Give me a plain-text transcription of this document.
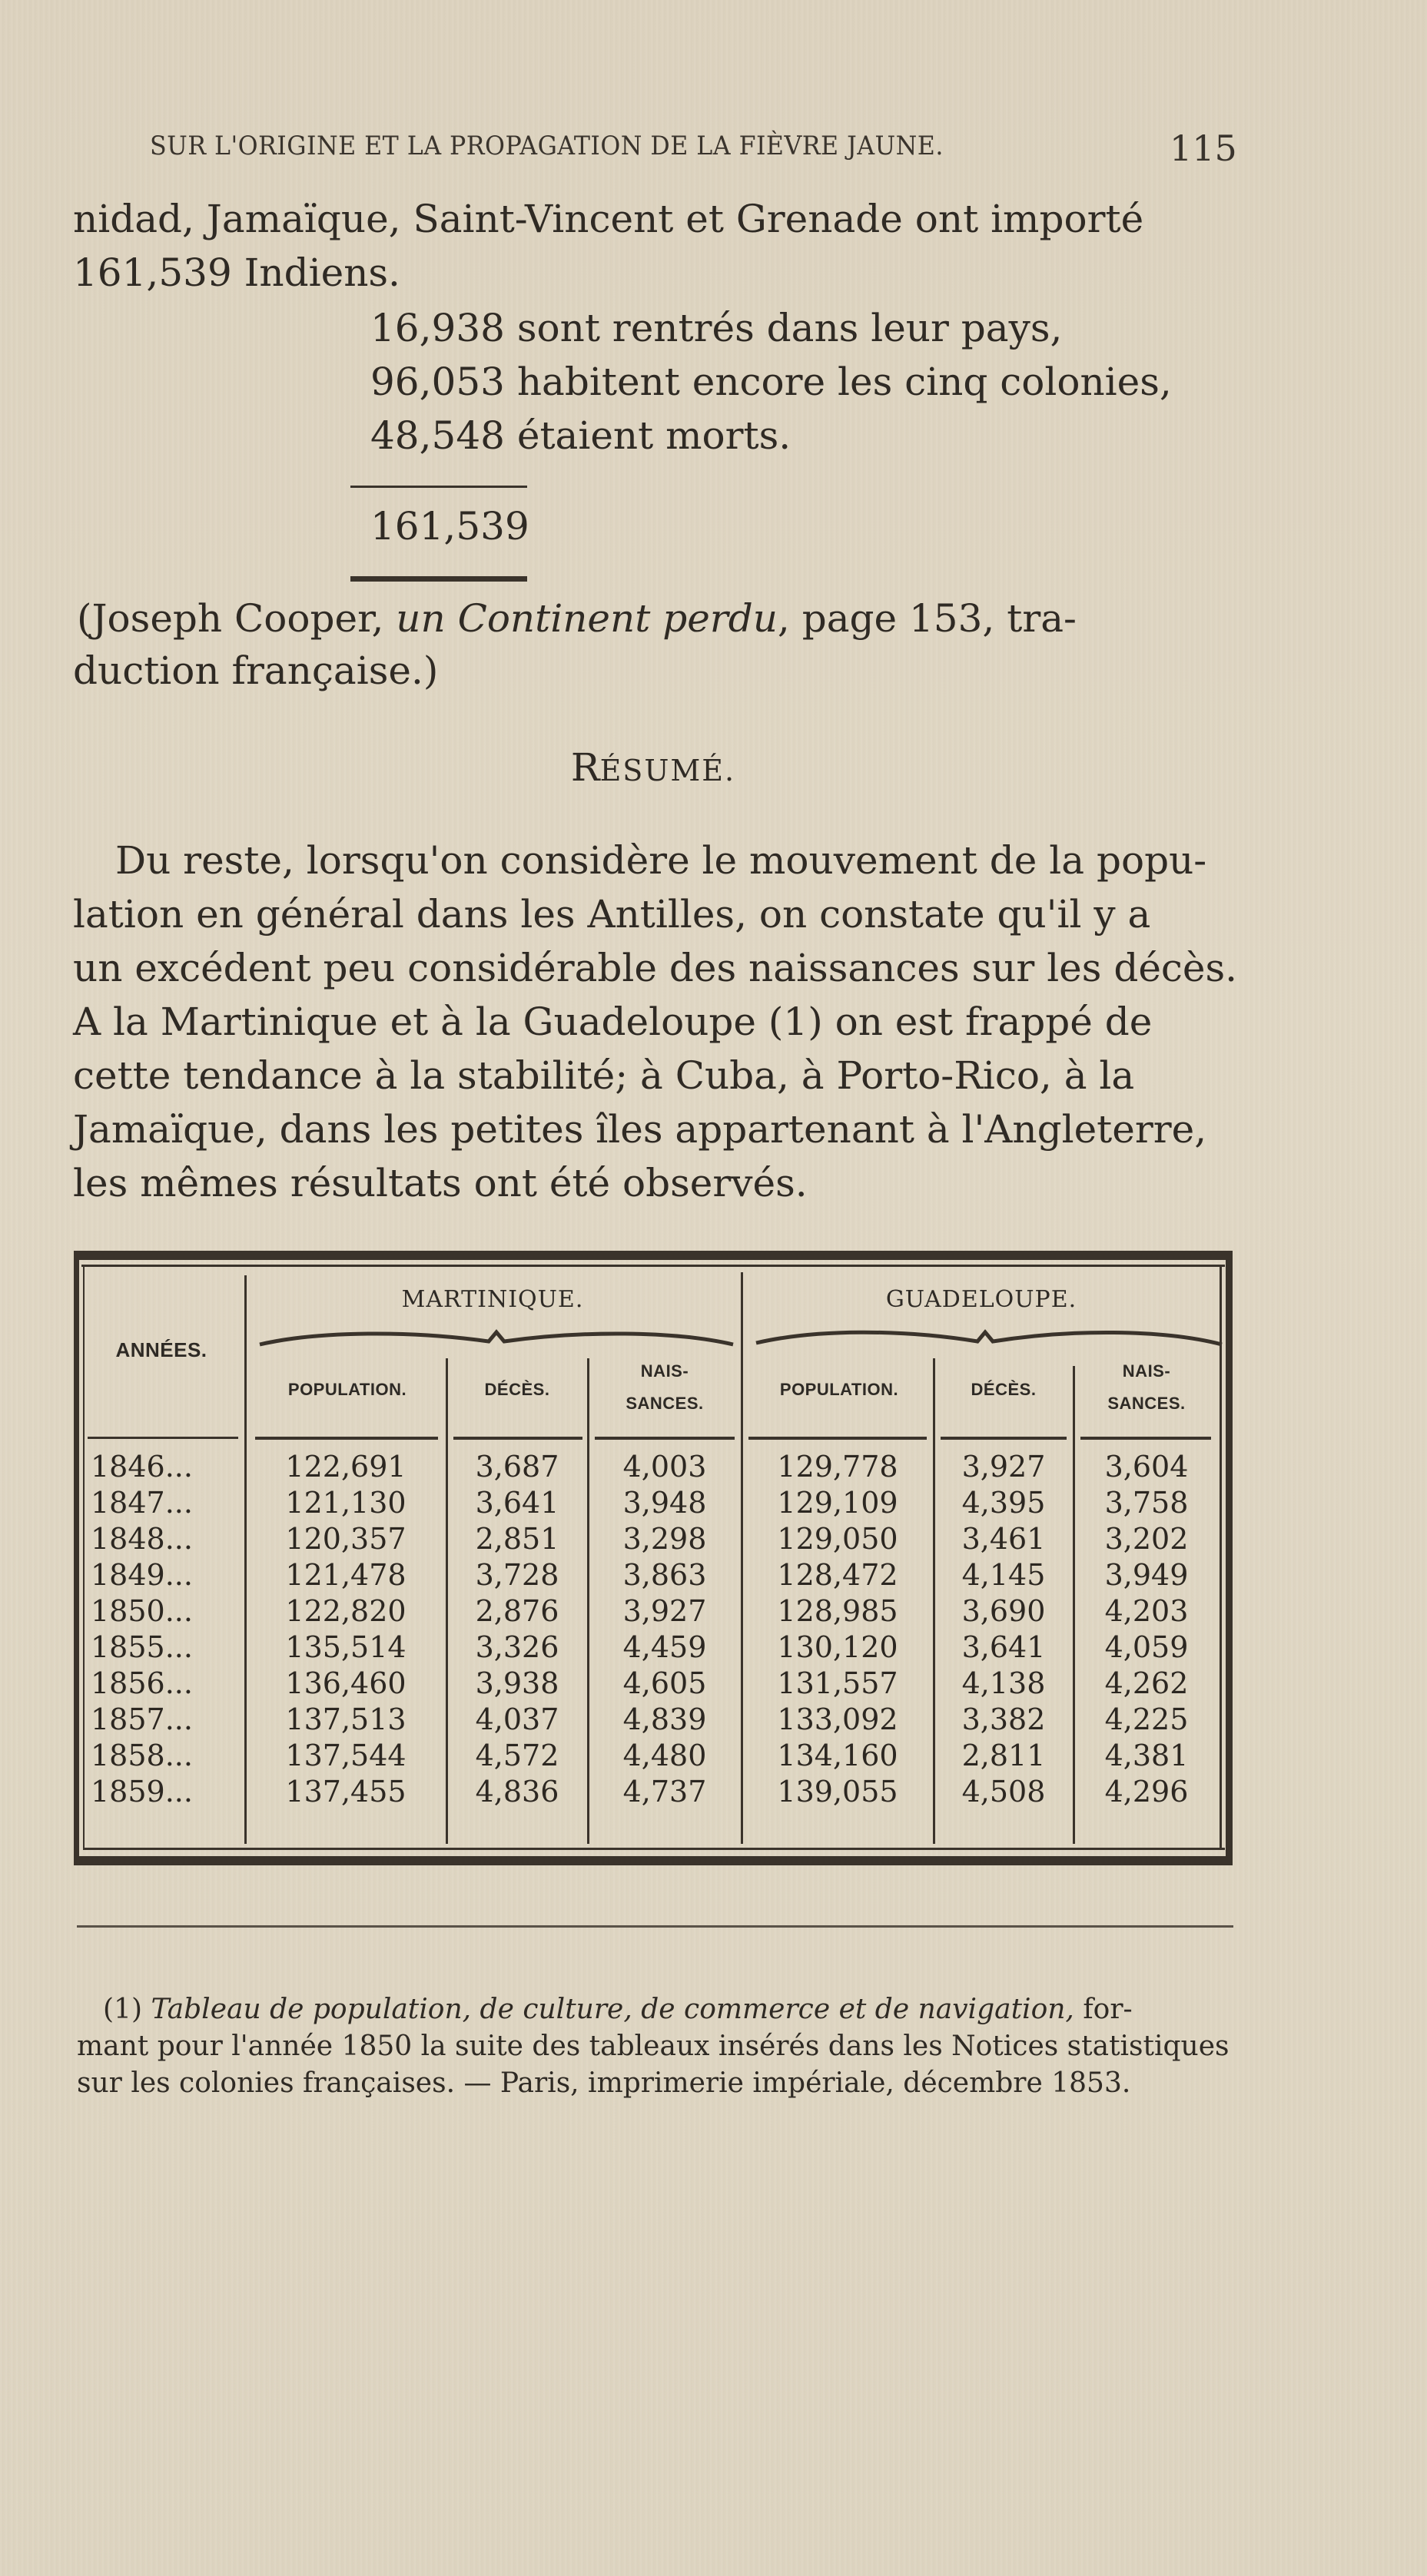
SUR L'ORIGINE ET LA PROPAGATION DE LA FIÈVRE JAUNE.	115
nidad, Jamaïque, Saint-Vincent et Grenade ont importé
161,539 Indiens.
16,938 sont rentrés dans leur pays,
96,053 habitent encore les cinq colonies,
48,548 étaient morts.
161,539
(Joseph Cooper, un Continent perdu, page 153, tra-
duction française.)
RÉSUMÉ.
Du reste, lorsqu'on considère le mouvement de la popu-
lation en général dans les Antilles, on constate qu'il y a
un excédent peu considérable des naissances sur les décès.
A la Martinique et à la Guadeloupe (1) on est frappé de
cette tendance à la stabilité; à Cuba, à Porto-Rico, à la
Jamaïque, dans les petites îles appartenant à l'Angleterre,
les mêmes résultats ont été observés.
MARTINIQUE.	GUADELOUPE.
ANNÉES.
POPULATION.	DÉCÈS.
NAIS-
SANCES.
POPULATION.	DÉCÈS.
NAIS-
SANCES.
1846...	122,691	3,687	4,003	129,778	3,927	3,604
1847...	121,130	3,641	3,948	129,109	4,395	3,758
1848...	120,357	2,851	3,298	129,050	3,461	3,202
1849...	121,478	3,728	3,863	128,472	4,145	3,949
1850...	122,820	2,876	3,927	128,985	3,690	4,203
1855...	135,514	3,326	4,459	130,120	3,641	4,059
1856...	136,460	3,938	4,605	131,557	4,138	4,262
1857...	137,513	4,037	4,839	133,092	3,382	4,225
1858...	137,544	4,572	4,480	134,160	2,811	4,381
1859...	137,455	4,836	4,737	139,055	4,508	4,296
(1) Tableau de population, de culture, de commerce et de navigation, for-
mant pour l'année 1850 la suite des tableaux insérés dans les Notices statistiques
sur les colonies françaises. — Paris, imprimerie impériale, décembre 1853.
